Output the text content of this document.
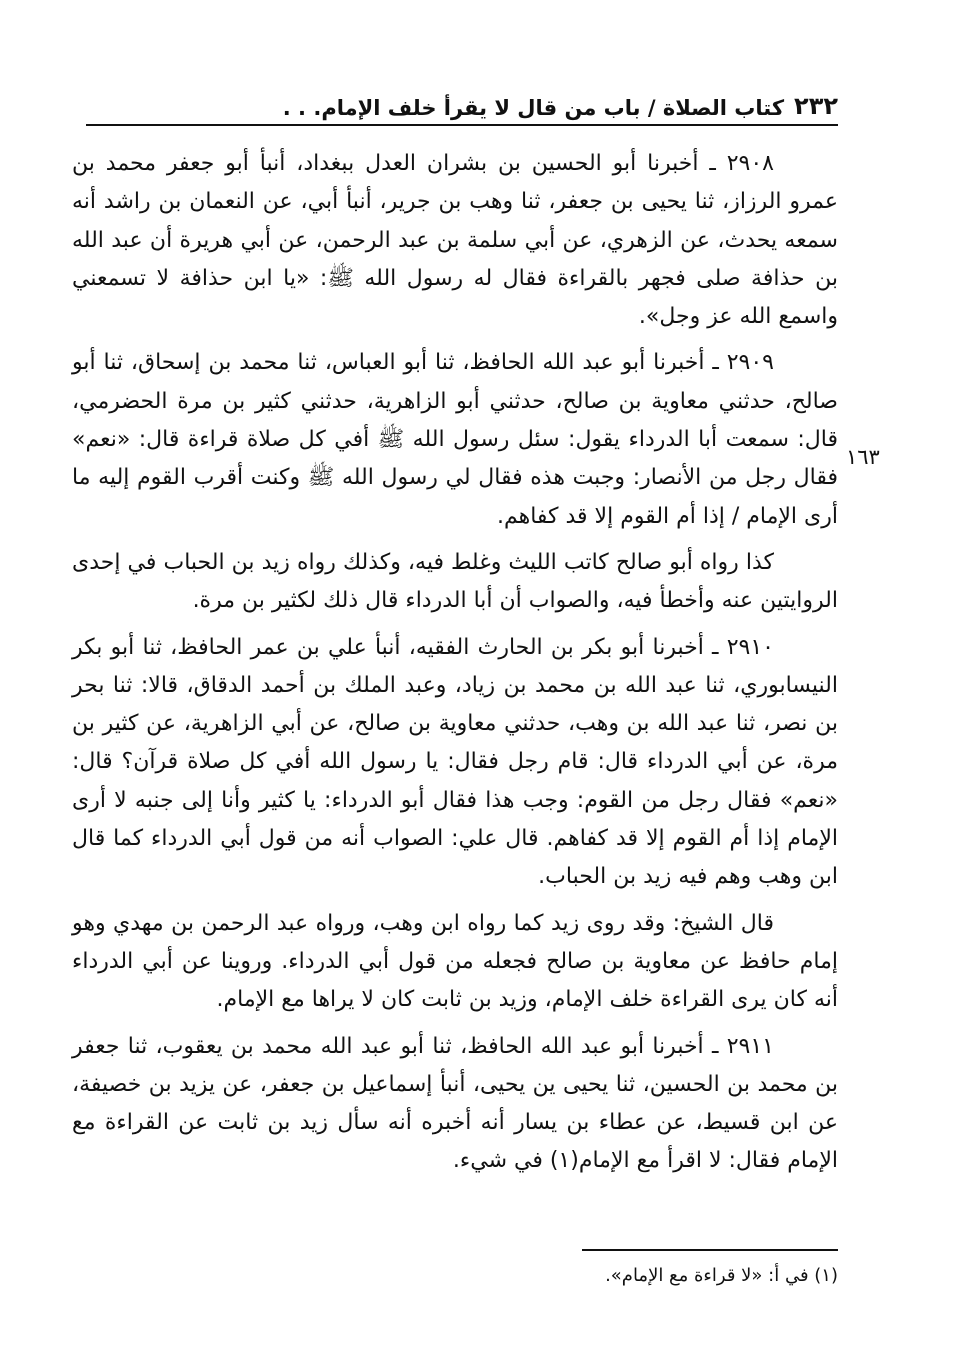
٢٣٢
كتاب الصلاة / باب من قال لا يقرأ خلف الإمام. . .
١٦٣

٢٩٠٨ ـ أخبرنا أبو الحسين بن بشران العدل ببغداد، أنبأ أبو جعفر محمد بن عمرو الرزاز، ثنا يحيى بن جعفر، ثنا وهب بن جرير، أنبأ أبي، عن النعمان بن راشد أنه سمعه يحدث، عن الزهري، عن أبي سلمة بن عبد الرحمن، عن أبي هريرة أن عبد الله بن حذافة صلى فجهر بالقراءة فقال له رسول الله ﷺ: «يا ابن حذافة لا تسمعني واسمع الله عز وجل».

٢٩٠٩ ـ أخبرنا أبو عبد الله الحافظ، ثنا أبو العباس، ثنا محمد بن إسحاق، ثنا أبو صالح، حدثني معاوية بن صالح، حدثني أبو الزاهرية، حدثني كثير بن مرة الحضرمي، قال: سمعت أبا الدرداء يقول: سئل رسول الله ﷺ أفي كل صلاة قراءة قال: «نعم» فقال رجل من الأنصار: وجبت هذه فقال لي رسول الله ﷺ وكنت أقرب القوم إليه ما أرى الإمام / إذا أم القوم إلا قد كفاهم.

كذا رواه أبو صالح كاتب الليث وغلط فيه، وكذلك رواه زيد بن الحباب في إحدى الروايتين عنه وأخطأ فيه، والصواب أن أبا الدرداء قال ذلك لكثير بن مرة.

٢٩١٠ ـ أخبرنا أبو بكر بن الحارث الفقيه، أنبأ علي بن عمر الحافظ، ثنا أبو بكر النيسابوري، ثنا عبد الله بن محمد بن زياد، وعبد الملك بن أحمد الدقاق، قالا: ثنا بحر بن نصر، ثنا عبد الله بن وهب، حدثني معاوية بن صالح، عن أبي الزاهرية، عن كثير بن مرة، عن أبي الدرداء قال: قام رجل فقال: يا رسول الله أفي كل صلاة قرآن؟ قال: «نعم» فقال رجل من القوم: وجب هذا فقال أبو الدرداء: يا كثير وأنا إلى جنبه لا أرى الإمام إذا أم القوم إلا قد كفاهم. قال علي: الصواب أنه من قول أبي الدرداء كما قال ابن وهب وهم فيه زيد بن الحباب.

قال الشيخ: وقد روى زيد كما رواه ابن وهب، ورواه عبد الرحمن بن مهدي وهو إمام حافظ عن معاوية بن صالح فجعله من قول أبي الدرداء. وروينا عن أبي الدرداء أنه كان يرى القراءة خلف الإمام، وزيد بن ثابت كان لا يراها مع الإمام.

٢٩١١ ـ أخبرنا أبو عبد الله الحافظ، ثنا أبو عبد الله محمد بن يعقوب، ثنا جعفر بن محمد بن الحسين، ثنا يحيى ين يحيى، أنبأ إسماعيل بن جعفر، عن يزيد بن خصيفة، عن ابن قسيط، عن عطاء بن يسار أنه أخبره أنه سأل زيد بن ثابت عن القراءة مع الإمام فقال: لا اقرأ مع الإمام(١) في شيء.

(١) في أ: «لا قراءة مع الإمام».
